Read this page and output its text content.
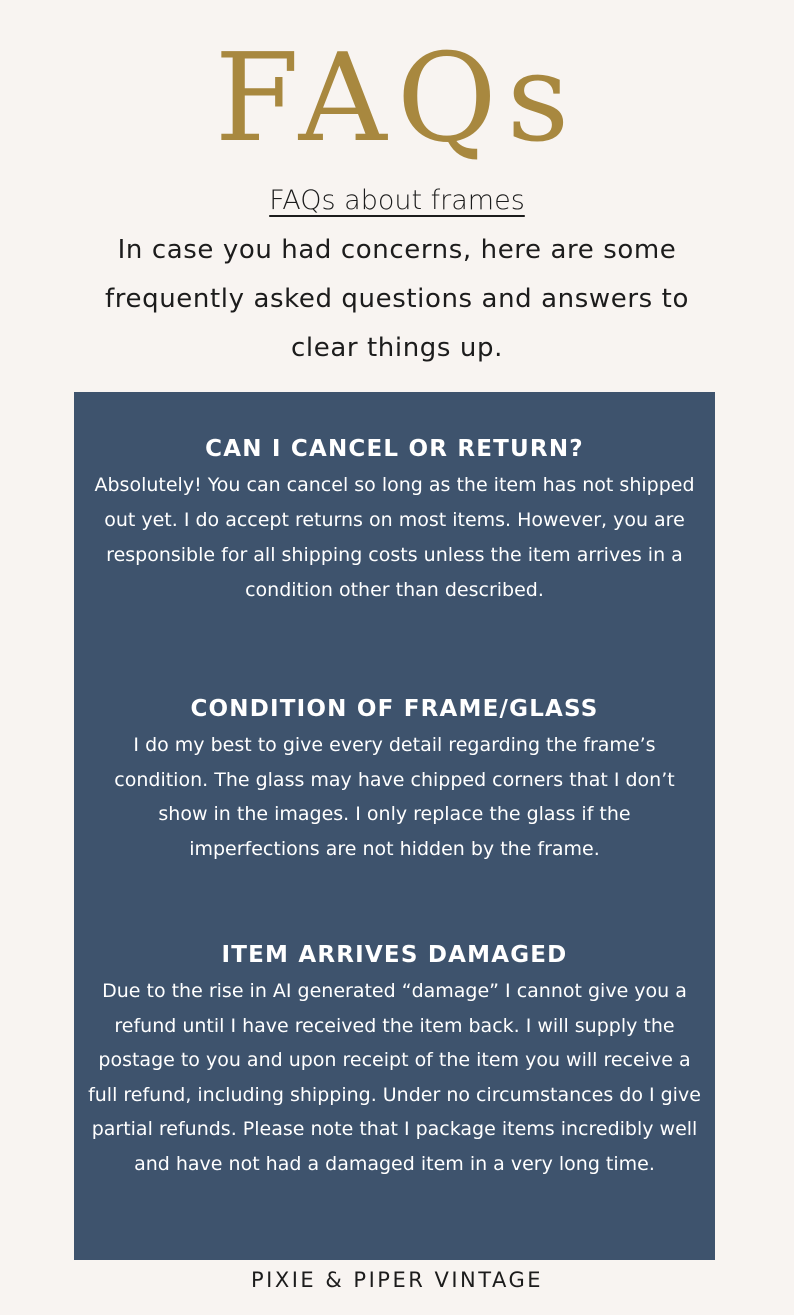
FAQs
FAQs about frames

In case you had concerns, here are some frequently asked questions and answers to clear things up.

CAN I CANCEL OR RETURN?

Absolutely! You can cancel so long as the item has not shipped out yet. I do accept returns on most items. However, you are responsible for all shipping costs unless the item arrives in a condition other than described.

CONDITION OF FRAME/GLASS

I do my best to give every detail regarding the frame’s condition. The glass may have chipped corners that I don’t show in the images. I only replace the glass if the imperfections are not hidden by the frame.

ITEM ARRIVES DAMAGED

Due to the rise in AI generated “damage” I cannot give you a refund until I have received the item back. I will supply the postage to you and upon receipt of the item you will receive a full refund, including shipping. Under no circumstances do I give partial refunds. Please note that I package items incredibly well and have not had a damaged item in a very long time.

PIXIE & PIPER VINTAGE
